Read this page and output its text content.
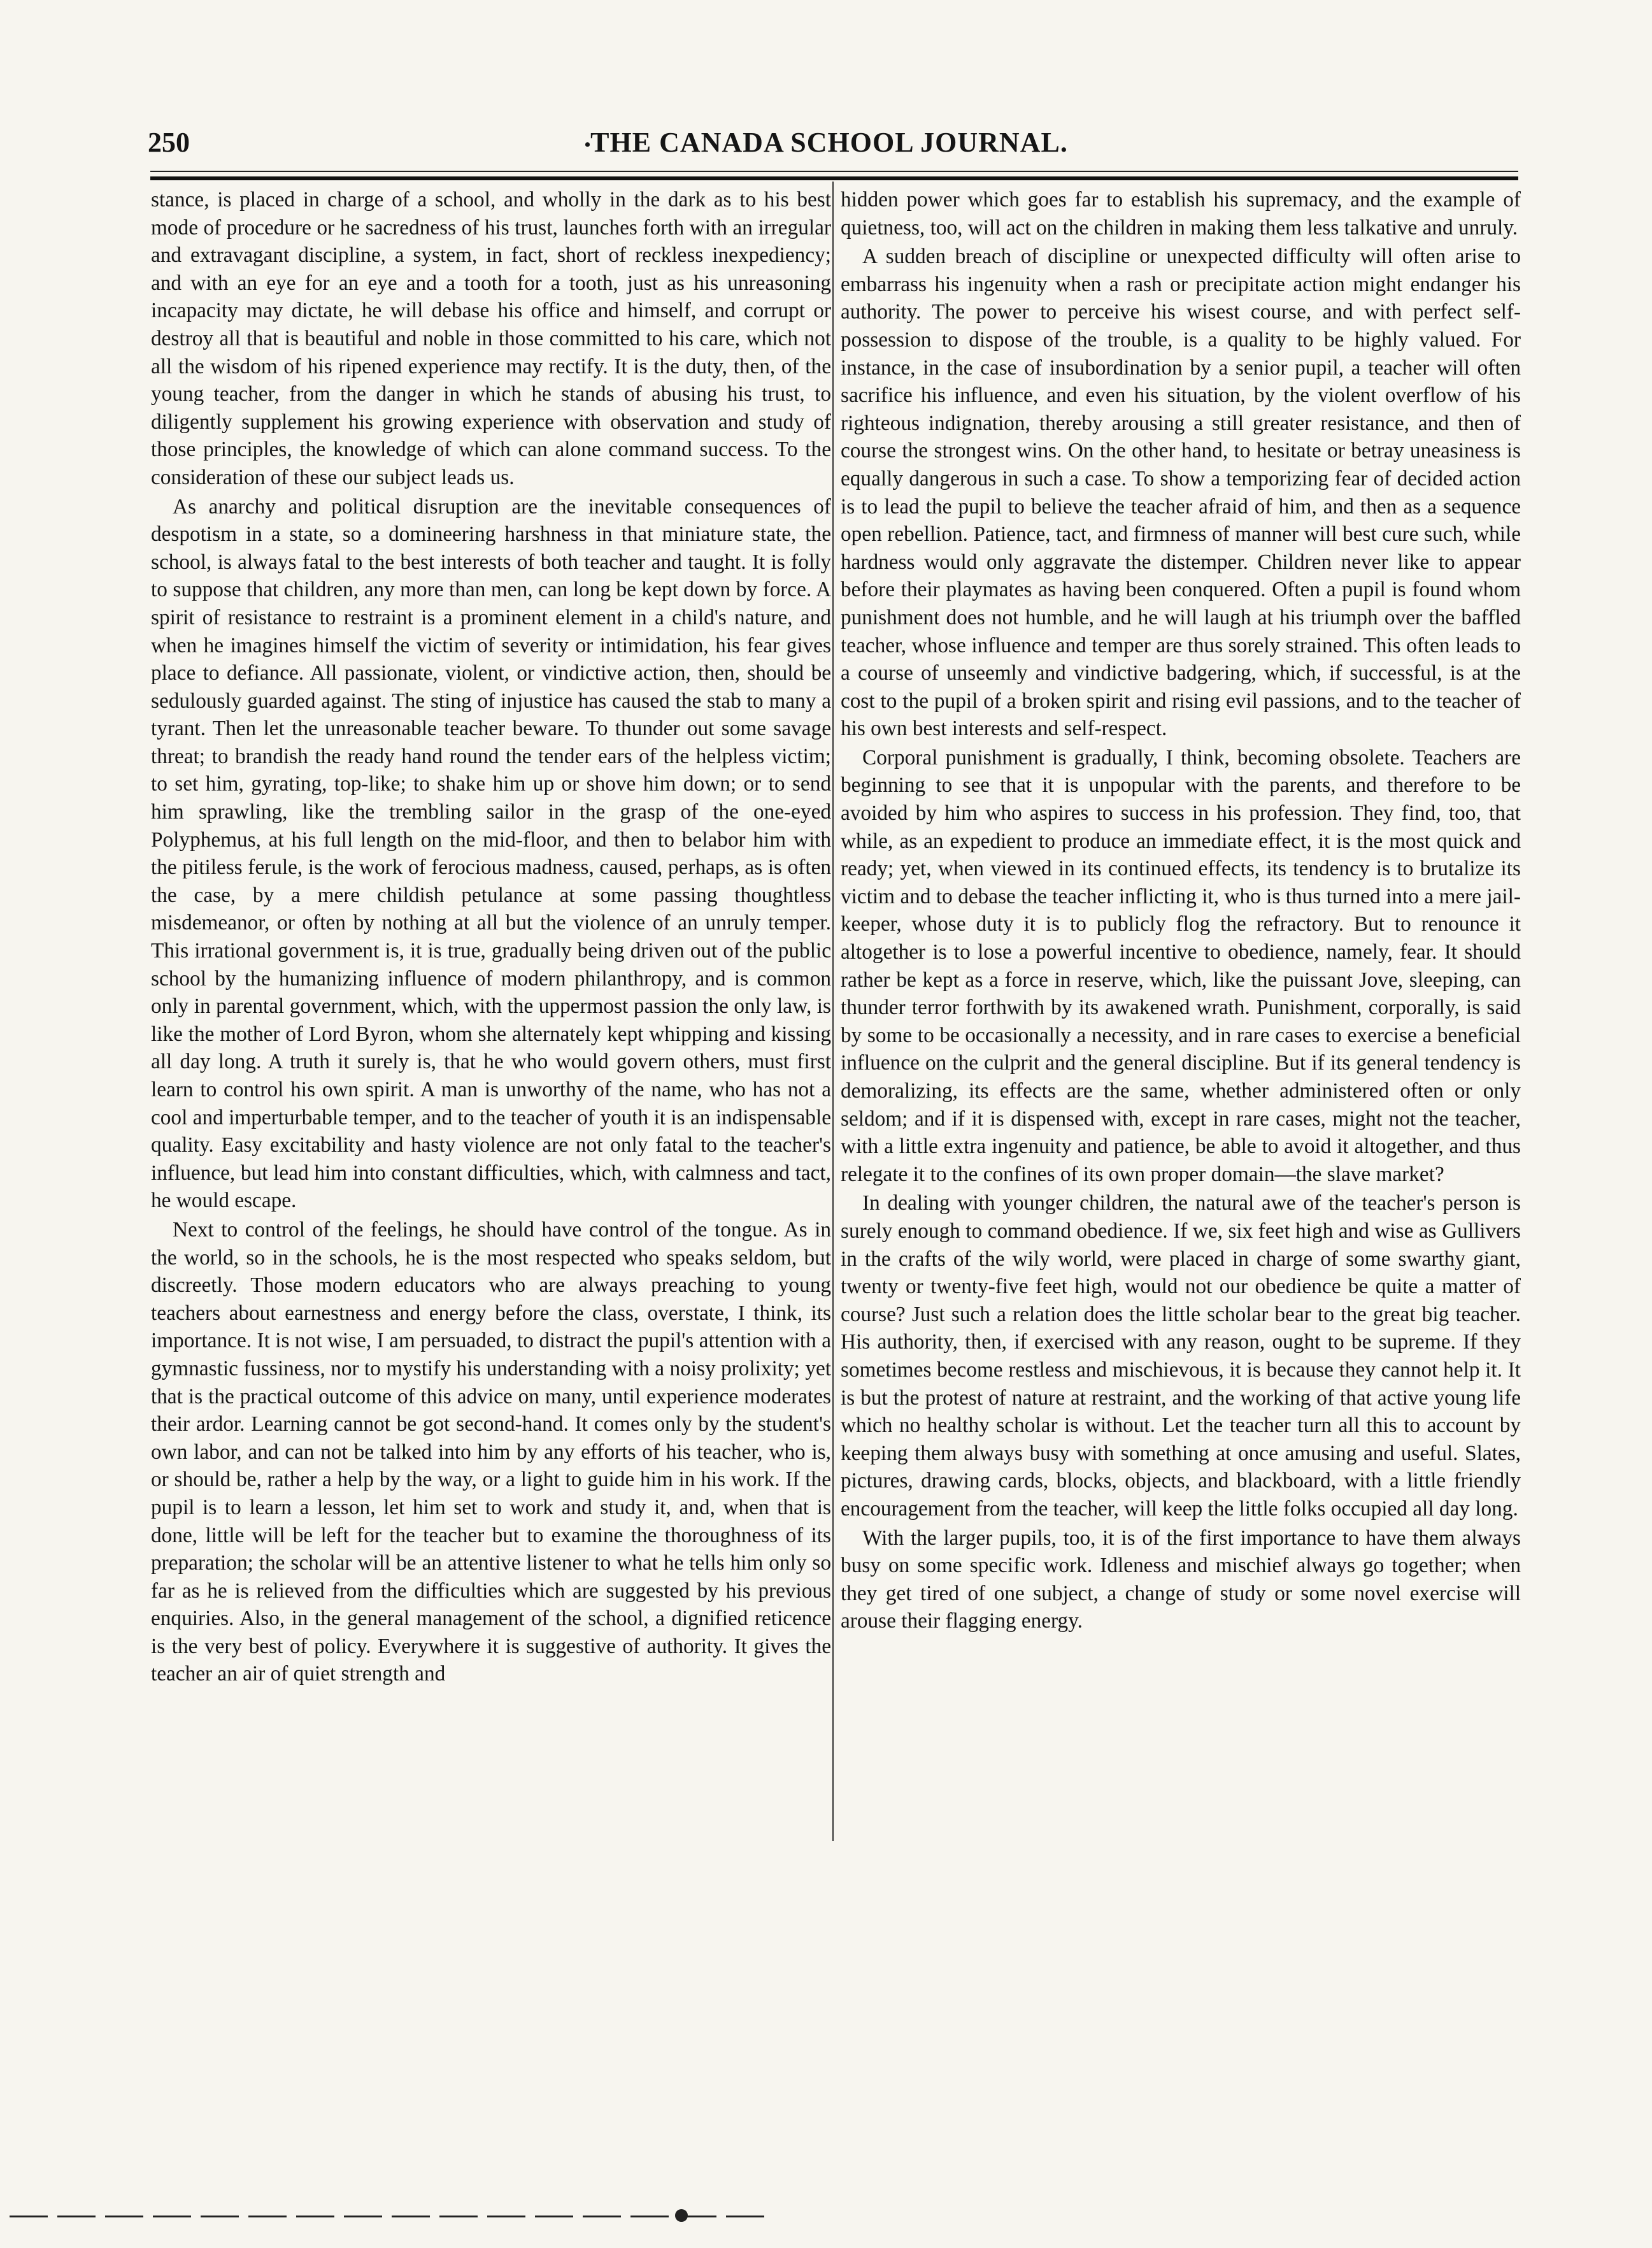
250	. THE CANADA SCHOOL JOURNAL.

stance, is placed in charge of a school, and wholly in the dark as to his best mode of procedure or he sacredness of his trust, launches forth with an irregular and extravagant discipline, a system, in fact, short of reckless inexpediency; and with an eye for an eye and a tooth for a tooth, just as his unreasoning incapacity may dictate, he will debase his office and himself, and corrupt or destroy all that is beautiful and noble in those committed to his care, which not all the wisdom of his ripened experience may rectify. It is the duty, then, of the young teacher, from the danger in which he stands of abusing his trust, to diligently supplement his growing experience with observation and study of those principles, the knowledge of which can alone command success. To the consideration of these our subject leads us.

As anarchy and political disruption are the inevitable consequences of despotism in a state, so a domineering harshness in that miniature state, the school, is always fatal to the best interests of both teacher and taught. It is folly to suppose that children, any more than men, can long be kept down by force. A spirit of resistance to restraint is a prominent element in a child's nature, and when he imagines himself the victim of severity or intimidation, his fear gives place to defiance. All passionate, violent, or vindictive action, then, should be sedulously guarded against. The sting of injustice has caused the stab to many a tyrant. Then let the unreasonable teacher beware. To thunder out some savage threat; to brandish the ready hand round the tender ears of the helpless victim; to set him, gyrating, top-like; to shake him up or shove him down; or to send him sprawling, like the trembling sailor in the grasp of the one-eyed Polyphemus, at his full length on the mid-floor, and then to belabor him with the pitiless ferule, is the work of ferocious madness, caused, perhaps, as is often the case, by a mere childish petulance at some passing thoughtless misdemeanor, or often by nothing at all but the violence of an unruly temper. This irrational government is, it is true, gradually being driven out of the public school by the humanizing influence of modern philanthropy, and is common only in parental government, which, with the uppermost passion the only law, is like the mother of Lord Byron, whom she alternately kept whipping and kissing all day long. A truth it surely is, that he who would govern others, must first learn to control his own spirit. A man is unworthy of the name, who has not a cool and imperturbable temper, and to the teacher of youth it is an indispensable quality. Easy excitability and hasty violence are not only fatal to the teacher's influence, but lead him into constant difficulties, which, with calmness and tact, he would escape.

Next to control of the feelings, he should have control of the tongue. As in the world, so in the schools, he is the most respected who speaks seldom, but discreetly. Those modern educators who are always preaching to young teachers about earnestness and energy before the class, overstate, I think, its importance. It is not wise, I am persuaded, to distract the pupil's attention with a gymnastic fussiness, nor to mystify his understanding with a noisy prolixity; yet that is the practical outcome of this advice on many, until experience moderates their ardor. Learning cannot be got second-hand. It comes only by the student's own labor, and can not be talked into him by any efforts of his teacher, who is, or should be, rather a help by the way, or a light to guide him in his work. If the pupil is to learn a lesson, let him set to work and study it, and, when that is done, little will be left for the teacher but to examine the thoroughness of its preparation; the scholar will be an attentive listener to what he tells him only so far as he is relieved from the difficulties which are suggested by his previous enquiries. Also, in the general management of the school, a dignified reticence is the very best of policy. Everywhere it is suggestive of authority. It gives the teacher an air of quiet strength and

hidden power which goes far to establish his supremacy, and the example of quietness, too, will act on the children in making them less talkative and unruly.

A sudden breach of discipline or unexpected difficulty will often arise to embarrass his ingenuity when a rash or precipitate action might endanger his authority. The power to perceive his wisest course, and with perfect self-possession to dispose of the trouble, is a quality to be highly valued. For instance, in the case of insubordination by a senior pupil, a teacher will often sacrifice his influence, and even his situation, by the violent overflow of his righteous indignation, thereby arousing a still greater resistance, and then of course the strongest wins. On the other hand, to hesitate or betray uneasiness is equally dangerous in such a case. To show a temporizing fear of decided action is to lead the pupil to believe the teacher afraid of him, and then as a sequence open rebellion. Patience, tact, and firmness of manner will best cure such, while hardness would only aggravate the distemper. Children never like to appear before their playmates as having been conquered. Often a pupil is found whom punishment does not humble, and he will laugh at his triumph over the baffled teacher, whose influence and temper are thus sorely strained. This often leads to a course of unseemly and vindictive badgering, which, if successful, is at the cost to the pupil of a broken spirit and rising evil passions, and to the teacher of his own best interests and self-respect.

Corporal punishment is gradually, I think, becoming obsolete. Teachers are beginning to see that it is unpopular with the parents, and therefore to be avoided by him who aspires to success in his profession. They find, too, that while, as an expedient to produce an immediate effect, it is the most quick and ready; yet, when viewed in its continued effects, its tendency is to brutalize its victim and to debase the teacher inflicting it, who is thus turned into a mere jail-keeper, whose duty it is to publicly flog the refractory. But to renounce it altogether is to lose a powerful incentive to obedience, namely, fear. It should rather be kept as a force in reserve, which, like the puissant Jove, sleeping, can thunder terror forthwith by its awakened wrath. Punishment, corporally, is said by some to be occasionally a necessity, and in rare cases to exercise a beneficial influence on the culprit and the general discipline. But if its general tendency is demoralizing, its effects are the same, whether administered often or only seldom; and if it is dispensed with, except in rare cases, might not the teacher, with a little extra ingenuity and patience, be able to avoid it altogether, and thus relegate it to the confines of its own proper domain—the slave market?

In dealing with younger children, the natural awe of the teacher's person is surely enough to command obedience. If we, six feet high and wise as Gullivers in the crafts of the wily world, were placed in charge of some swarthy giant, twenty or twenty-five feet high, would not our obedience be quite a matter of course? Just such a relation does the little scholar bear to the great big teacher. His authority, then, if exercised with any reason, ought to be supreme. If they sometimes become restless and mischievous, it is because they cannot help it. It is but the protest of nature at restraint, and the working of that active young life which no healthy scholar is without. Let the teacher turn all this to account by keeping them always busy with something at once amusing and useful. Slates, pictures, drawing cards, blocks, objects, and blackboard, with a little friendly encouragement from the teacher, will keep the little folks occupied all day long.

With the larger pupils, too, it is of the first importance to have them always busy on some specific work. Idleness and mischief always go together; when they get tired of one subject, a change of study or some novel exercise will arouse their flagging energy.
